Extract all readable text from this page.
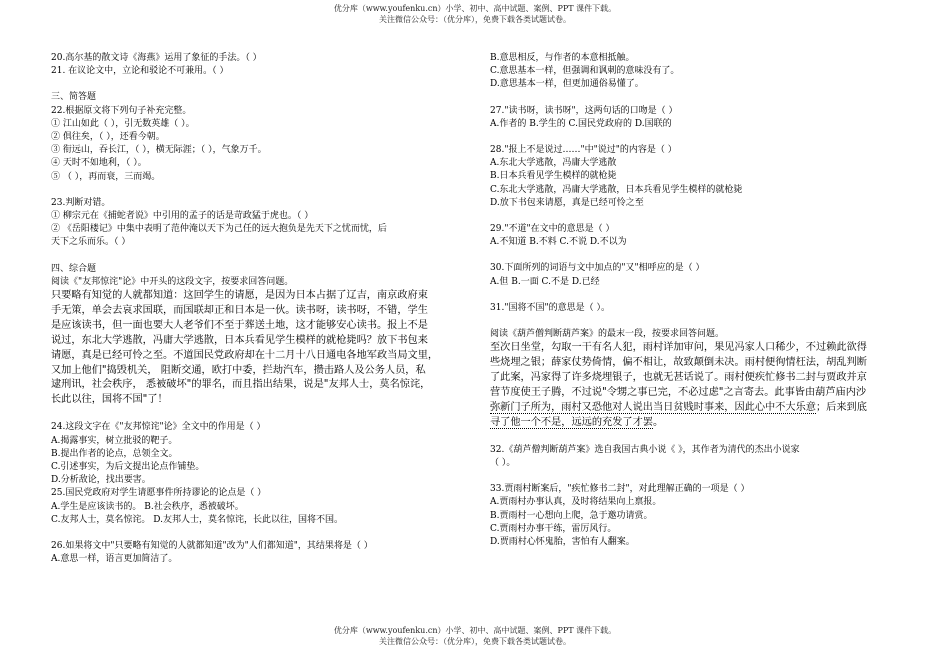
优分库（www.youfenku.cn）小学、初中、高中试题、案例、PPT 课件下载。
关注微信公众号：（优分库），免费下载各类试题试卷。
20.高尔基的散文诗《海燕》运用了象征的手法。（ ）
21. 在议论文中，立论和驳论不可兼用。（ ）
三、简答题
22.根据原文将下列句子补充完整。
① 江山如此（ ），引无数英雄（ ）。
② 俱往矣，（ ），还看今朝。
③ 衔远山，吞长江，（ ），横无际涯；（ ），气象万千。
④ 天时不如地利，（ ）。
⑤ （ ），再而衰，三而竭。
23.判断对错。
① 柳宗元在《捕蛇者说》中引用的孟子的话是苛政猛于虎也。（ ）
② 《岳阳楼记》中集中表明了范仲淹以天下为己任的远大抱负是先天下之忧而忧，后
天下之乐而乐。（ ）
四、综合题
阅读《"友邦惊诧"论》中开头的这段文字，按要求回答问题。
只要略有知觉的人就都知道：这回学生的请愿，是因为日本占据了辽吉，南京政府束
手无策，单会去哀求国联，而国联却正和日本是一伙。读书呀，读书呀，不错，学生
是应该读书，但一面也要大人老爷们不至于葬送土地，这才能够安心读书。报上不是
说过，东北大学逃散，冯庸大学逃散，日本兵看见学生模样的就枪毙吗？放下书包来
请愿，真是已经可怜之至。不道国民党政府却在十二月十八日通电各地军政当局文里，
又加上他们"捣毁机关， 阻断交通，欧打中委，拦劫汽车，攒击路人及公务人员，私
逮刑讯，社会秩序， 悉被破坏"的罪名，而且指出结果，说是"友邦人士，莫名惊诧，
长此以往，国将不国"了！
24.这段文字在《"友邦惊诧"论》全文中的作用是（ ）
A.揭露事实，树立批驳的靶子。
B.提出作者的论点，总领全文。
C.引述事实，为后文提出论点作铺垫。
D.分析敌论，找出要害。
25.国民党政府对学生请愿事件所持谬论的论点是（ ）
A.学生是应该读书的。 B.社会秩序，悉被破坏。
C.友邦人士，莫名惊诧。 D.友邦人士，莫名惊诧，长此以往，国将不国。
26.如果将文中"只要略有知觉的人就都知道"改为"人们都知道"，其结果将是（ ）
A.意思一样，语言更加简洁了。
B.意思相反，与作者的本意相抵触。
C.意思基本一样，但强调和讽刺的意味没有了。
D.意思基本一样，但更加通俗易懂了。
27."读书呀，读书呀"，这两句话的口吻是（ ）
A.作者的 B.学生的 C.国民党政府的 D.国联的
28."报上不是说过……"中"说过"的内容是（ ）
A.东北大学逃散，冯庸大学逃散
B.日本兵看见学生模样的就枪毙
C.东北大学逃散，冯庸大学逃散，日本兵看见学生模样的就枪毙
D.放下书包来请愿，真是已经可怜之至
29."不道"在文中的意思是（ ）
A.不知道 B.不料 C.不说 D.不以为
30.下面所列的词语与文中加点的"又"相呼应的是（ ）
A.但 B.一面 C.不是 D.已经
31."国将不国"的意思是（ ）。
阅读《葫芦僧判断葫芦案》的最末一段，按要求回答问题。
至次日坐堂，勾取一干有名人犯，雨村详加审问，果见冯家人口稀少，不过赖此欲得
些烧埋之银；薛家仗势倚情，偏不相让，故致颠倒未决。雨村便徇情枉法，胡乱判断
了此案，冯家得了许多烧埋银子，也就无甚话说了。雨村便疾忙修书二封与贾政并京
营节度使王子腾，不过说"令甥之事已完，不必过虑"之言寄去。此事皆由葫芦庙内沙
弥新门子所为，雨村又恐他对人说出当日贫贱时事来，因此心中不大乐意；后来到底
寻了他一个不是，远远的充发了才罢。
32.《葫芦僧判断葫芦案》选自我国古典小说《 》，其作者为清代的杰出小说家
（ ）。
33.贾雨村断案后，"疾忙修书二封"，对此理解正确的一项是（ ）
A.贾雨村办事认真，及时将结果向上禀报。
B.贾雨村一心想向上爬，急于邀功请赏。
C.贾雨村办事干练，雷厉风行。
D.贾雨村心怀鬼胎，害怕有人翻案。
优分库（www.youfenku.cn）小学、初中、高中试题、案例、PPT 课件下载。
关注微信公众号：（优分库），免费下载各类试题试卷。
